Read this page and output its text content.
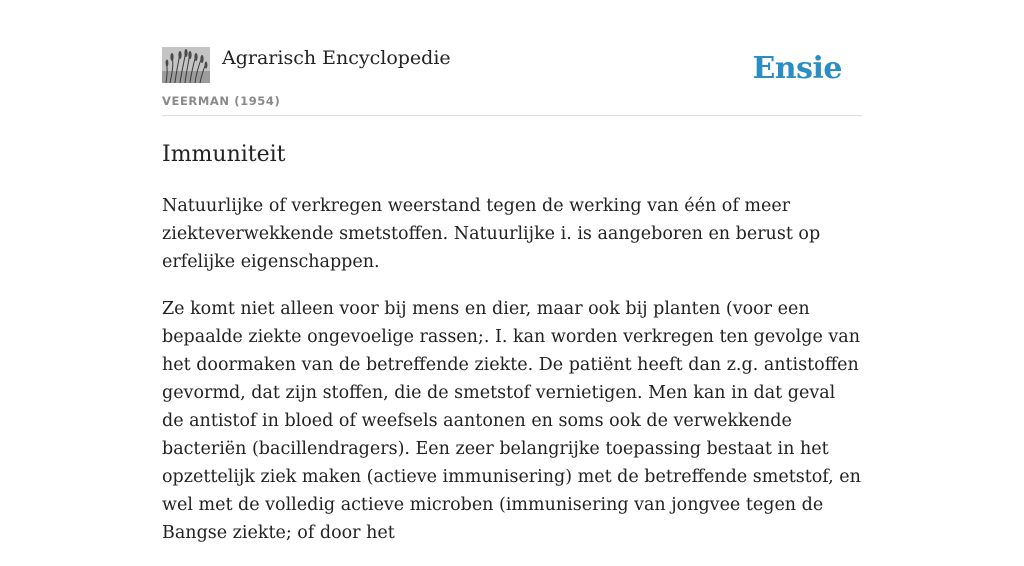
Agrarisch Encyclopedie
VEERMAN (1954)
Ensie
Immuniteit

Natuurlijke of verkregen weerstand tegen de werking van één of meer ziekteverwekkende smetstoffen. Natuurlijke i. is aangeboren en berust op erfelijke eigenschappen.

Ze komt niet alleen voor bij mens en dier, maar ook bij planten (voor een bepaalde ziekte ongevoelige rassen;. I. kan worden verkregen ten gevolge van het doormaken van de betreffende ziekte. De patiënt heeft dan z.g. antistoffen gevormd, dat zijn stoffen, die de smetstof vernietigen. Men kan in dat geval de antistof in bloed of weefsels aantonen en soms ook de verwekkende bacteriën (bacillendragers). Een zeer belangrijke toepassing bestaat in het opzettelijk ziek maken (actieve immunisering) met de betreffende smetstof, en wel met de volledig actieve microben (immunisering van jongvee tegen de Bangse ziekte; of door het
